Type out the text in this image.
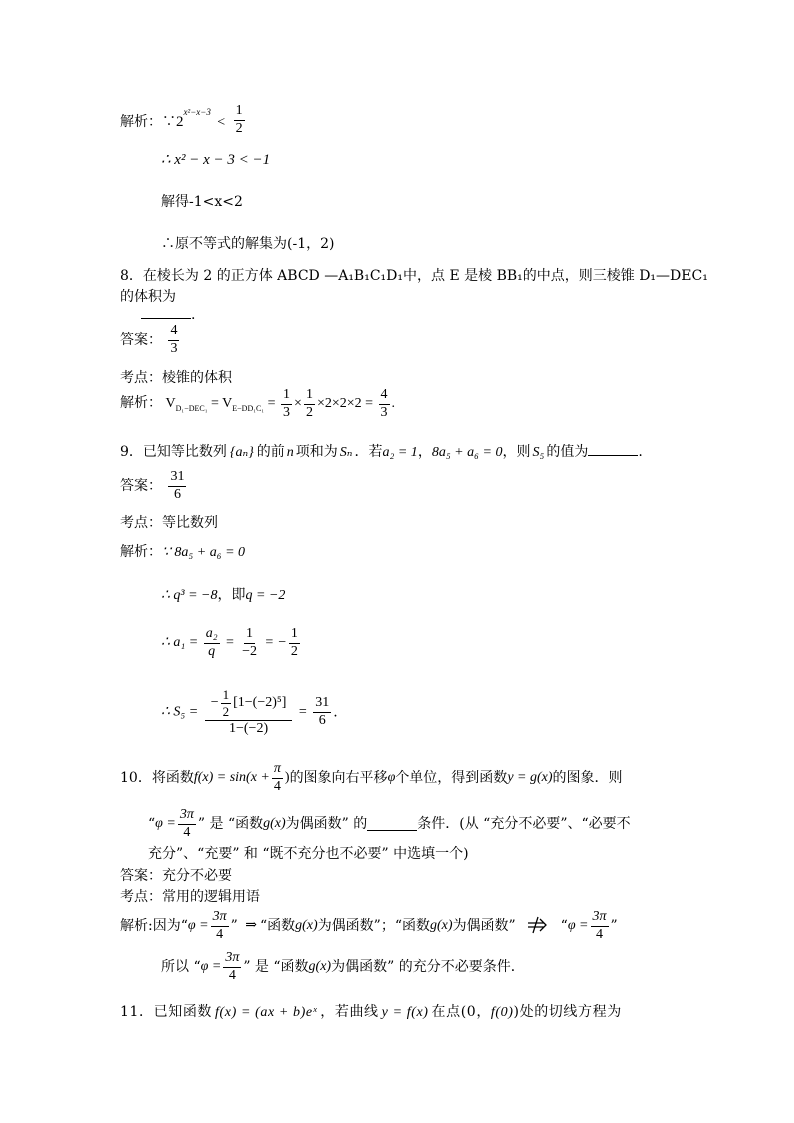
解析：$\because 2^{x^2-x-3} < \frac{1}{2}$
∴ x² − x − 3 < −1
解得-1<x<2
∴原不等式的解集为(-1，2)
8．在棱长为 2 的正方体 ABCD —A₁B₁C₁D₁中，点 E 是棱 BB₁的中点，则三棱锥 D₁—DEC₁
的体积为
.
答案： $\frac{4}{3}$
考点：棱锥的体积
解析： $V_{D_1-DEC_1} = V_{E-DD_1C_1} = \frac{1}{3} \times \frac{1}{2} \times 2\times 2\times 2 = \frac{4}{3}$ .
9．已知等比数列 {aₙ} 的前 n 项和为 Sₙ ．若a₂ = 1，8a₅ + a₆ = 0，则 S₅ 的值为	.
答案： $\frac{31}{6}$
考点：等比数列
解析：∵ 8a₅ + a₆ = 0
∴ q³ = −8，即q = −2
∴ $a_1 = \frac{\text{a₂}}{q} = \frac{1}{-2}$ = − $\frac{1}{2}$
∴ $S_5 = \frac{- \frac{1}{2} [1-(-2)^5]}{1-(-2)} = \frac{31}{6}$ .
10．将函数$f(x) = \sin(x + \frac{\pi}{4}$ )的图象向右平移φ个单位，得到函数y = g(x)的图象．则
“$\varphi = \frac{3\pi}{4}$ ” 是 “函数g(x)为偶函数” 的	条件．(从 “充分不必要”、“必要不
充分”、“充要” 和 “既不充分也不必要” 中选填一个)
答案：充分不必要
考点：常用的逻辑用语
解析:因为“$\varphi = \frac{3\pi}{4}$ ” ⇒ “函数g(x)为偶函数”；“函数g(x)为偶函数”	“$\varphi = \frac{3\pi}{4}$ ”
所以 “$\varphi = \frac{3\pi}{4}$ ” 是 “函数g(x)为偶函数” 的充分不必要条件．
11．已知函数 f(x) = (ax + b)eˣ ，若曲线 y = f(x) 在点(0，f(0))处的切线方程为
